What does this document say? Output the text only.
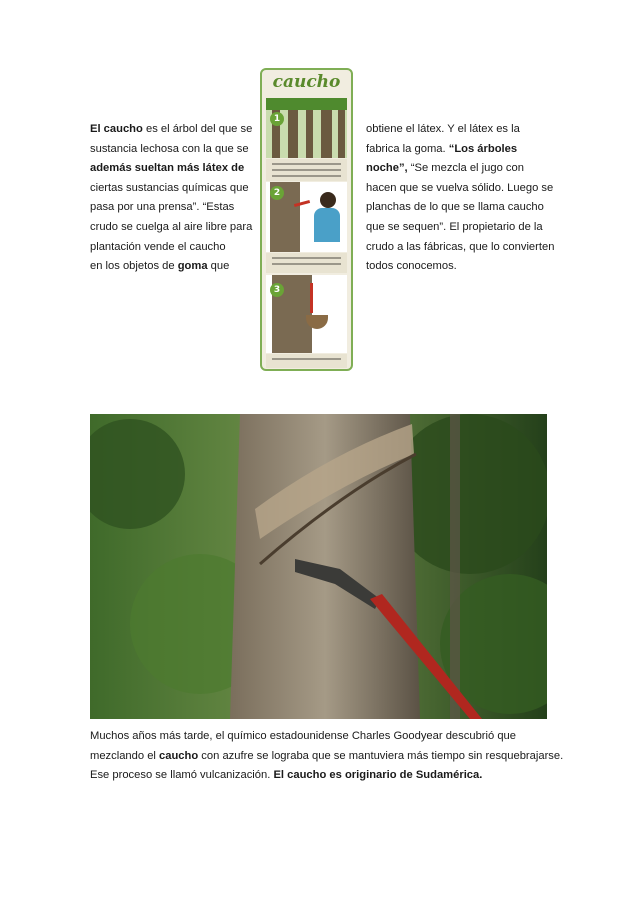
El caucho es el árbol del que se
sustancia lechosa con la que se
además sueltan más látex de
ciertas sustancias químicas que
pasa por una prensa”. “Estas
crudo se cuelga al aire libre para
plantación vende el caucho
en los objetos de goma que
caucho
1
2
3
obtiene el látex. Y el látex es la
fabrica la goma. “Los árboles
noche”, “Se mezcla el jugo con
hacen que se vuelva sólido. Luego se
planchas de lo que se llama caucho
que se sequen”. El propietario de la
crudo a las fábricas, que lo convierten
todos conocemos.
Muchos años más tarde, el químico estadounidense Charles Goodyear descubrió que
mezclando el caucho con azufre se lograba que se mantuviera más tiempo sin resquebrajarse.
Ese proceso se llamó vulcanización. El caucho es originario de Sudamérica.
